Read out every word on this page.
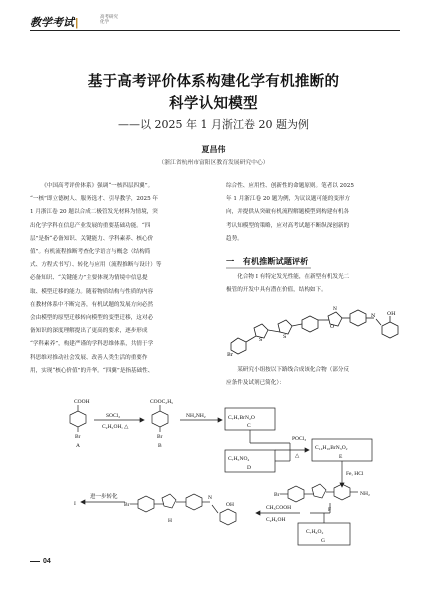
教学考试|
高考研究
化学
基于高考评价体系构建化学有机推断的
科学认知模型
——以 2025 年 1 月浙江卷 20 题为例
夏昌伟
（浙江省杭州市富阳区教育发展研究中心）
《中国高考评价体系》强调“一核四层四翼”。
“一核”即立德树人、服务选才、引导教学，2025 年
1 月浙江卷 20 题以合成二极管发光材料为情境，突
出化学学科在信息产业发展的重要基础功能。“四
层”是指“必备知识、关键能力、学科素养、核心价
值”。有机流程推断考查化学语言与概念（结构简
式、方程式书写）、转化与应用（流程推断与设计）等
必备知识、“关键能力”主要体现为情境中信息提
取、模型迁移的能力。随着物质结构与性质的内容
在教材体系中不断完善，有机试题的发展方向必然
会由模型的原型迁移转向模型的变型迁移，这对必
备知识的深度理解提出了更高的要求，逐步形成
“学科素养”，构建严谨的学科思维体系，共情于学
科思维对推动社会发展、改善人类生活的重要作
用，实现“核心价值”的升华。“四翼”是指基础性、
综合性、应用性、创新性的命题原则。笔者以 2025
年 1 月浙江卷 20 题为例，为议议题可能的变形方
向，并提供从突破有机流程解题模型到构建有机各
考认知模型的策略，应对高考试题不断纵深创新的
趋势。
一 有机推断试题评析
化合物 I 有特定发光性能，在新型有机发光二
极管的开发中具有潜在价值，结构如下。
Br
S	S
O
N
N OH
某研究小组按以下路线合成该化合物（部分反
应条件及试剂已简化）：
COOH
Br
A
SOCl₂
C₂H₅OH, △
COOC₂H₅
Br
B
NH₂NH₂	C₇H₇BrN₂O
C
C₇H₅NO₄
D
POCl₃
△
C₁₄H₁₀BrN₃O₂
E
Fe, HCl
Br	NH₂
F
CH₃COOH
C₂H₅OH
C₇H₆O₂
G
Br
N
OH
H
进一步转化
I
04
